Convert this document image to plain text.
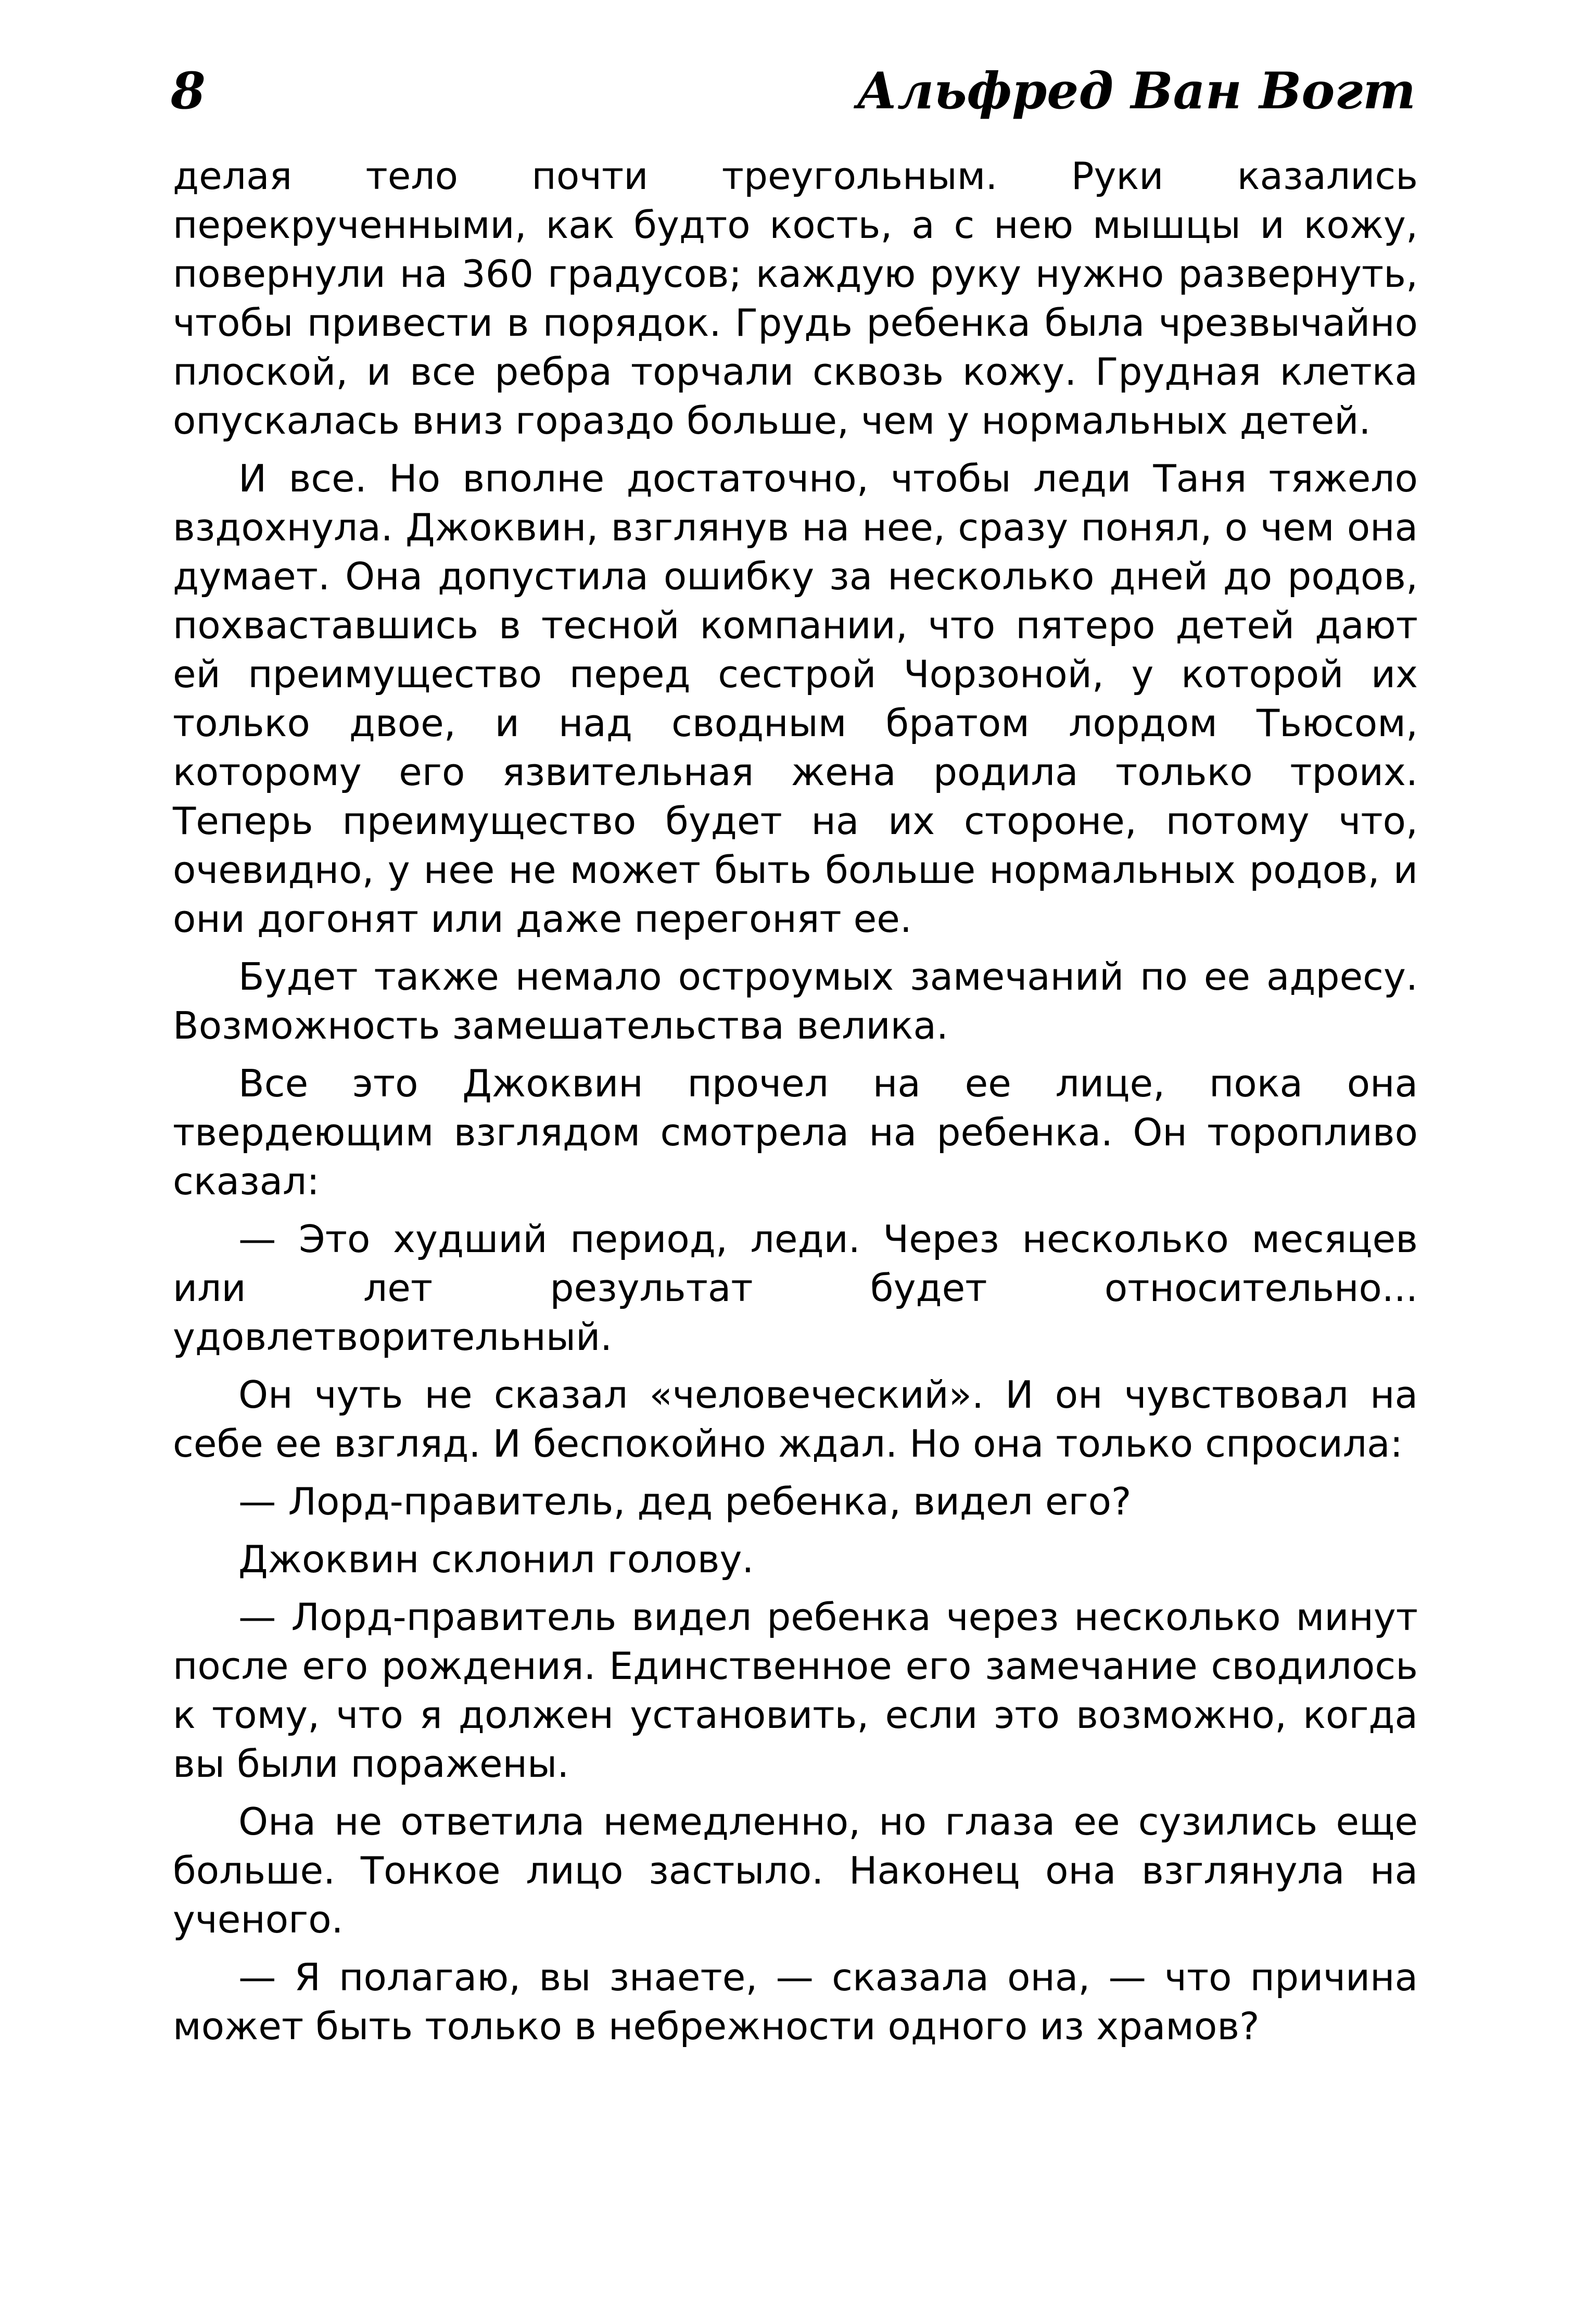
8	Альфред Ван Вогт

делая тело почти треугольным. Руки казались перекрученными, как будто кость, а с нею мышцы и кожу, повернули на 360 градусов; каждую руку нужно развернуть, чтобы привести в порядок. Грудь ребенка была чрезвычайно плоской, и все ребра торчали сквозь кожу. Грудная клетка опускалась вниз гораздо больше, чем у нормальных детей.

И все. Но вполне достаточно, чтобы леди Таня тяжело вздохнула. Джоквин, взглянув на нее, сразу понял, о чем она думает. Она допустила ошибку за несколько дней до родов, похваставшись в тесной компании, что пятеро детей дают ей преимущество перед сестрой Чорзоной, у которой их только двое, и над сводным братом лордом Тьюсом, которому его язвительная жена родила только троих. Теперь преимущество будет на их стороне, потому что, очевидно, у нее не может быть больше нормальных родов, и они догонят или даже перегонят ее.

Будет также немало остроумых замечаний по ее адресу. Возможность замешательства велика.

Все это Джоквин прочел на ее лице, пока она твердеющим взглядом смотрела на ребенка. Он торопливо сказал:

— Это худший период, леди. Через несколько месяцев или лет результат будет относительно... удовлетворительный.

Он чуть не сказал «человеческий». И он чувствовал на себе ее взгляд. И беспокойно ждал. Но она только спросила:

— Лорд-правитель, дед ребенка, видел его?

Джоквин склонил голову.

— Лорд-правитель видел ребенка через несколько минут после его рождения. Единственное его замечание сводилось к тому, что я должен установить, если это возможно, когда вы были поражены.

Она не ответила немедленно, но глаза ее сузились еще больше. Тонкое лицо застыло. Наконец она взглянула на ученого.

— Я полагаю, вы знаете, — сказала она, — что причина может быть только в небрежности одного из храмов?
